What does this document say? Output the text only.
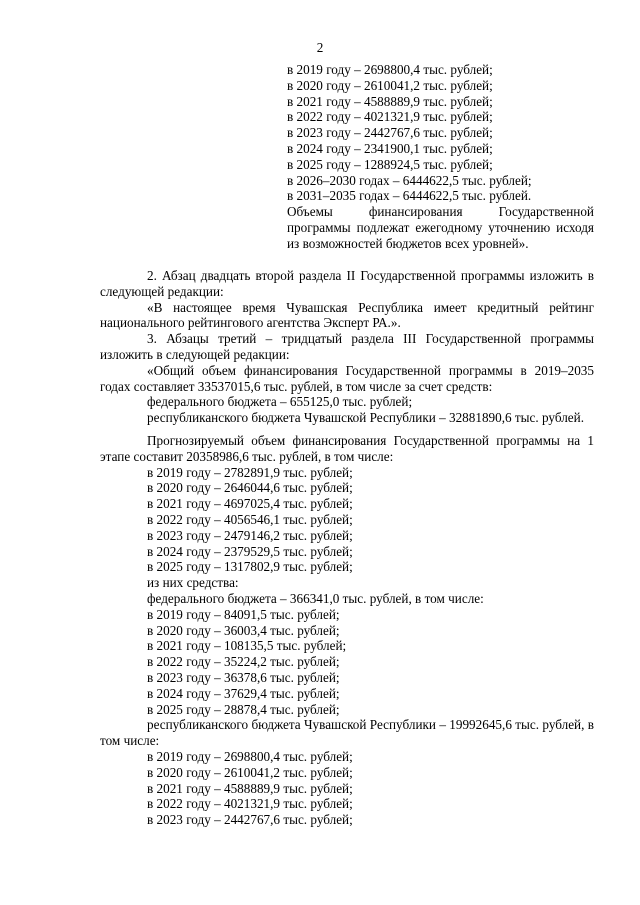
2

в 2019 году – 2698800,4 тыс. рублей;

в 2020 году – 2610041,2 тыс. рублей;

в 2021 году – 4588889,9 тыс. рублей;

в 2022 году – 4021321,9 тыс. рублей;

в 2023 году – 2442767,6 тыс. рублей;

в 2024 году – 2341900,1 тыс. рублей;

в 2025 году – 1288924,5 тыс. рублей;

в 2026–2030 годах – 6444622,5 тыс. рублей;

в 2031–2035 годах – 6444622,5 тыс. рублей.

Объемы финансирования Государственной программы подлежат ежегодному уточнению исходя из возможностей бюджетов всех уровней».

2. Абзац двадцать второй раздела II Государственной программы изложить в следующей редакции:

«В настоящее время Чувашская Республика имеет кредитный рейтинг национального рейтингового агентства Эксперт РА.».

3. Абзацы третий – тридцатый раздела III Государственной программы изложить в следующей редакции:

«Общий объем финансирования Государственной программы в 2019–2035 годах составляет 33537015,6 тыс. рублей, в том числе за счет средств:

федерального бюджета – 655125,0 тыс. рублей;

республиканского бюджета Чувашской Республики – 32881890,6 тыс. рублей.

Прогнозируемый объем финансирования Государственной программы на 1 этапе составит 20358986,6 тыс. рублей, в том числе:

в 2019 году – 2782891,9 тыс. рублей;

в 2020 году – 2646044,6 тыс. рублей;

в 2021 году – 4697025,4 тыс. рублей;

в 2022 году – 4056546,1 тыс. рублей;

в 2023 году – 2479146,2 тыс. рублей;

в 2024 году – 2379529,5 тыс. рублей;

в 2025 году – 1317802,9 тыс. рублей;

из них средства:

федерального бюджета – 366341,0 тыс. рублей, в том числе:

в 2019 году – 84091,5 тыс. рублей;

в 2020 году – 36003,4 тыс. рублей;

в 2021 году – 108135,5 тыс. рублей;

в 2022 году – 35224,2 тыс. рублей;

в 2023 году – 36378,6 тыс. рублей;

в 2024 году – 37629,4 тыс. рублей;

в 2025 году – 28878,4 тыс. рублей;

республиканского бюджета Чувашской Республики – 19992645,6 тыс. рублей, в том числе:

в 2019 году – 2698800,4 тыс. рублей;

в 2020 году – 2610041,2 тыс. рублей;

в 2021 году – 4588889,9 тыс. рублей;

в 2022 году – 4021321,9 тыс. рублей;

в 2023 году – 2442767,6 тыс. рублей;
